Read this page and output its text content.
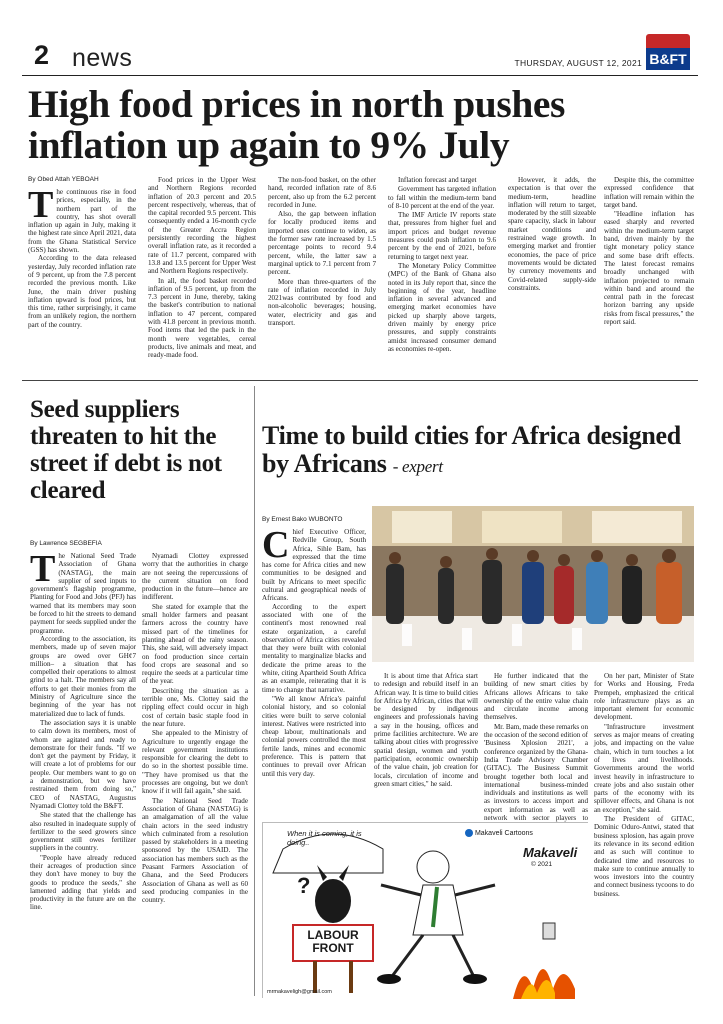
2 news	THURSDAY, AUGUST 12, 2021 B&FT
High food prices in north pushes inflation up again to 9% July
By Obed Attah YEBOAH
T he continuous rise in food prices, especially, in the northern part of the country, has shot overall inflation up again in July, making it the highest rate since April 2021, data from the Ghana Statistical Service (GSS) has shown.

According to the data released yesterday, July recorded inflation rate of 9 percent, up from the 7.8 percent recorded the previous month. Like June, the main driver pushing inflation upward is food prices, but this time, rather surprisingly, it came from an unlikely region, the northern part of the country.

Food prices in the Upper West and Northern Regions recorded inflation of 20.3 percent and 20.5 percent respectively, whereas, that of the capital recorded 9.5 percent. This consequently ended a 16-month cycle of the Greater Accra Region persistently recording the highest overall inflation rate, as it recorded a rate of 11.7 percent, compared with 13.8 and 13.5 percent for Upper West and Northern Regions respectively.

In all, the food basket recorded inflation of 9.5 percent, up from the 7.3 percent in June, thereby, taking the basket's contribution to national inflation to 47 percent, compared with 41.8 percent in previous month. Food items that led the pack in the month were vegetables, cereal products, live animals and meat, and ready-made food.

The non-food basket, on the other hand, recorded inflation rate of 8.6 percent, also up from the 6.2 percent recorded in June.

Also, the gap between inflation for locally produced items and imported ones continue to widen, as the former saw rate increased by 1.5 percentage points to record 9.4 percent, while, the latter saw a marginal uptick to 7.1 percent from 7 percent.

More than three-quarters of the rate of inflation recorded in July 2021was contributed by food and non-alcoholic beverages; housing, water, electricity and gas and transport.

Inflation forecast and target

Government has targeted inflation to fall within the medium-term band of 8-10 percent at the end of the year.

The IMF Article IV reports state that, pressures from higher fuel and import prices and budget revenue measures could push inflation to 9.6 percent by the end of 2021, before returning to target next year.

The Monetary Policy Committee (MPC) of the Bank of Ghana also noted in its July report that, since the beginning of the year, headline inflation in several advanced and emerging market economies have picked up sharply above targets, driven mainly by energy price pressures, and supply constraints amidst increased consumer demand as economies re-open.

However, it adds, the expectation is that over the medium-term, headline inflation will return to target, moderated by the still sizeable spare capacity, slack in labour market conditions and restrained wage growth. In emerging market and frontier economies, the pace of price movements would be dictated by currency movements and Covid-related supply-side constraints.

Despite this, the committee expressed confidence that inflation will remain within the target band.

"Headline inflation has eased sharply and reverted within the medium-term target band, driven mainly by the tight monetary policy stance and some base drift effects. The latest forecast remains broadly unchanged with inflation projected to remain within band and around the central path in the forecast horizon barring any upside risks from fiscal pressures," the report said.

Seed suppliers threaten to hit the street if debt is not cleared
By Lawrence SEGBEFIA
T he National Seed Trade Association of Ghana (NASTAG), the main supplier of seed inputs to government's flagship programme, Planting for Food and Jobs (PFJ) has warned that its members may soon be forced to hit the streets to demand payment for seeds supplied under the programme.

According to the association, its members, made up of seven major groups are owed over GH¢7 million– a situation that has compelled their operations to almost grind to a halt. The members say all efforts to get their monies from the Ministry of Agriculture since the beginning of the year has not materialized due to lack of funds.

The association says it is unable to calm down its members, most of whom are agitated and ready to demonstrate for their funds. "If we don't get the payment by Friday, it will create a lot of problems for our people. Our members want to go on a demonstration, but we have restrained them from doing so," CEO of NASTAG, Augustus Nyamadi Clottey told the B&FT.

She stated that the challenge has also resulted in inadequate supply of fertilizer to the seed growers since government still owes fertilizer suppliers in the country.

"People have already reduced their acreages of production since they don't have money to buy the goods to produce the seeds," she lamented adding that yields and productivity in the future are on the line.

Nyamadi Clottey expressed worry that the authorities in charge are not seeing the repercussions of the current situation on food production in the future—hence are indifferent.

She stated for example that the small holder farmers and peasant farmers across the country have missed part of the timelines for planting ahead of the rainy season. This, she said, will adversely impact on food production since certain food crops are seasonal and so require the seeds at a particular time of the year.

Describing the situation as a terrible one, Ms. Clottey said the rippling effect could occur in high cost of certain basic staple food in the near future.

She appealed to the Ministry of Agriculture to urgently engage the relevant government institutions responsible for clearing the debt to do so in the shortest possible time. "They have promised us that the processes are ongoing, but we don't know if it will fail again," she said.

The National Seed Trade Association of Ghana (NASTAG) is an amalgamation of all the value chain actors in the seed industry which culminated from a resolution passed by stakeholders in a meeting sponsored by the USAID. The association has members such as the Peasant Farmers Association of Ghana, and the Seed Producers Association of Ghana as well as 60 seed producing companies in the country.

Time to build cities for Africa designed by Africans - expert
By Ernest Bako WUBONTO
C hief Executive Officer, Redville Group, South Africa, Sihle Bam, has expressed that the time has come for Africa cities and new communities to be designed and built by Africans to meet specific cultural and geographical needs of Africans.

According to the expert associated with one of the continent's most renowned real estate organization, a careful observation of Africa cities revealed that they were built with colonial mentality to marginalize blacks and dedicate the prime areas to the white, citing Apartheid South Africa as an example, reiterating that it is time to change that narrative.

"We all know Africa's painful colonial history, and so colonial cities were built to serve colonial interest. Natives were restricted into cheap labour, multinationals and colonial powers controlled the most fertile lands, mines and economic preference. This is pattern that continues to prevail over African until this very day.

It is about time that Africa start to redesign and rebuild itself in an African way. It is time to build cities for Africa by African, cities that will be designed by indigenous engineers and professionals having a say in the housing, offices and prime facilities architecture. We are talking about cities with progressive spatial design, women and youth participation, economic ownership of the value chain, job creation for locals, circulation of income and green smart cities," he said.

He further indicated that the building of new smart cities by Africans allows Africans to take ownership of the entire value chain and circulate income among themselves.

Mr. Bam, made these remarks on the occasion of the second edition of 'Business Xplosion 2021', a conference organized by the Ghana-India Trade Advisory Chamber (GITAC). The Business Summit brought together both local and international business-minded individuals and institutions as well as investors to access import and export information as well as network with sector players to

On her part, Minister of State for Works and Housing, Freda Prempeh, emphasized the critical role infrastructure plays as an important element for economic development.

"Infrastructure investment serves as major means of creating jobs, and impacting on the value chain, which in turn touches a lot of lives and livelihoods. Governments around the world invest heavily in infrastructure to create jobs and also sustain other parts of the economy with its spillover effects, and Ghana is not an exception," she said.

The President of GITAC, Dominic Oduro-Antwi, stated that business xplosion, has again prove its relevance in its second edition and as such will continue to dedicated time and resources to make sure to continue annually to woos investors into the country and connect business tycoons to do business.

When it is coming, it is doing..
?
LABOUR FRONT
Makaveli Cartoons
Makaveli
© 2021
mrmakaveligh@gmail.com
